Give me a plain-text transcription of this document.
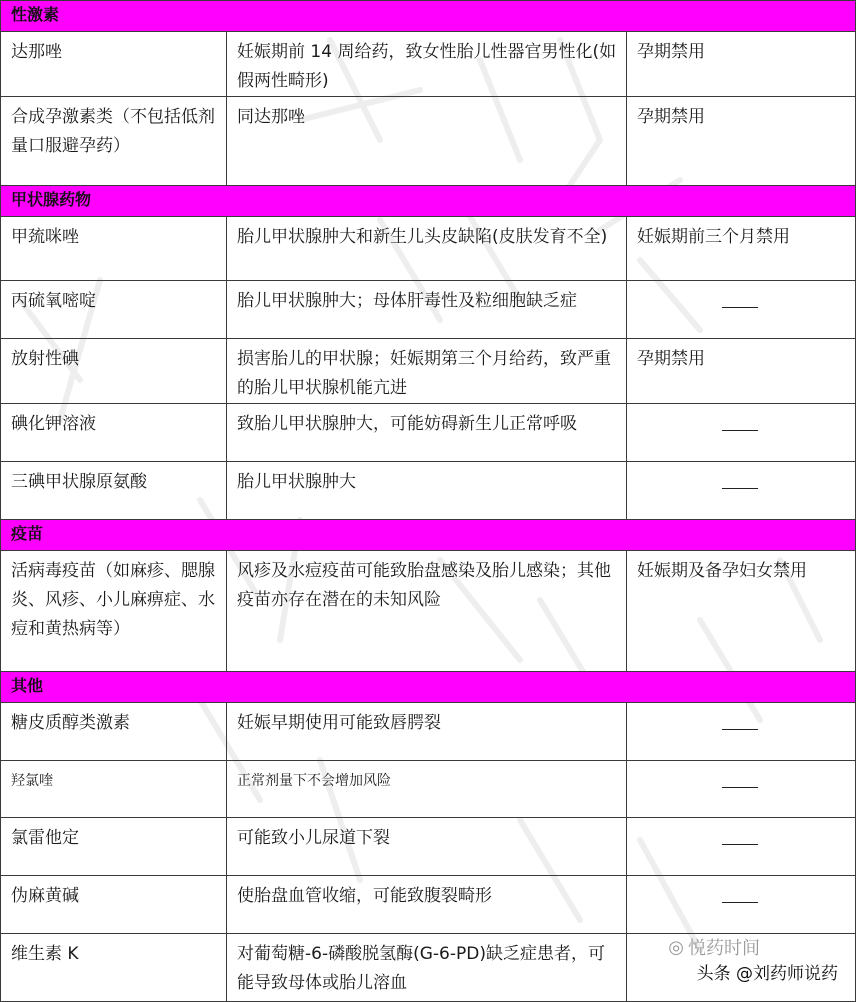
性激素		
达那唑	妊娠期前 14 周给药，致女性胎儿性器官男性化(如假两性畸形)	孕期禁用
合成孕激素类（不包括低剂量口服避孕药）	同达那唑	孕期禁用
甲状腺药物		
甲巯咪唑	胎儿甲状腺肿大和新生儿头皮缺陷(皮肤发育不全)	妊娠期前三个月禁用
丙硫氧嘧啶	胎儿甲状腺肿大；母体肝毒性及粒细胞缺乏症	

放射性碘	损害胎儿的甲状腺；妊娠期第三个月给药，致严重的胎儿甲状腺机能亢进	孕期禁用
碘化钾溶液	致胎儿甲状腺肿大，可能妨碍新生儿正常呼吸	

三碘甲状腺原氨酸	胎儿甲状腺肿大	

疫苗		
活病毒疫苗（如麻疹、腮腺炎、风疹、小儿麻痹症、水痘和黄热病等）	风疹及水痘疫苗可能致胎盘感染及胎儿感染；其他疫苗亦存在潜在的未知风险	妊娠期及备孕妇女禁用
其他		
糖皮质醇类激素	妊娠早期使用可能致唇腭裂	

羟氯喹	正常剂量下不会增加风险	

氯雷他定	可能致小儿尿道下裂	

伪麻黄碱	使胎盘血管收缩，可能致腹裂畸形	

维生素 K	对葡萄糖-6-磷酸脱氢酶(G-6-PD)缺乏症患者，可能导致母体或胎儿溶血	
◎ 悦药时间
头条 @刘药师说药
